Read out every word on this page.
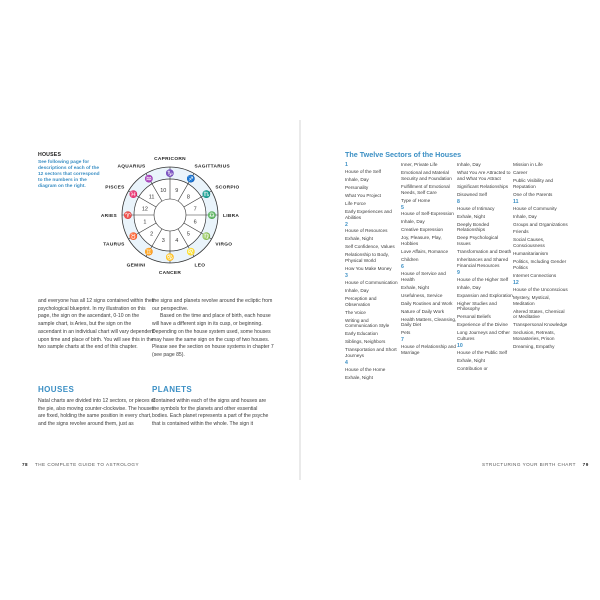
HOUSES
See following page for descriptions of each of the 12 sectors that correspond to the numbers in the diagram on the right.
1
2
3 4
5
6
7
8
9
10
11
12
♑
CAPRICORN
♐
SAGITTARIUS
♏
SCORPIO
♎ LIBRA
♍
VIRGO
♌
LEO
♋
CANCER
♊
GEMINI
♉
TAURUS
♈
ARIES
♓
PISCES
♒
AQUARIUS

and everyone has all 12 signs contained within their psychological blueprint. In my illustration on this page, the sign on the ascendant, 0-10 on the sample chart, is Aries, but the sign on the ascendant in an individual chart will vary dependent upon time and place of birth. You will see this in the two sample charts at the end of this chapter.

HOUSES

Natal charts are divided into 12 sectors, or pieces of the pie, also moving counter-clockwise. The houses are fixed, holding the same position in every chart, and the signs revolve around them, just as

the signs and planets revolve around the ecliptic from our perspective.

Based on the time and place of birth, each house will have a different sign in its cusp, or beginning. Depending on the house system used, some houses may have the same sign on the cusp of two houses. Please see the section on house systems in chapter 7 (see page 85).

PLANETS

Contained within each of the signs and houses are the symbols for the planets and other essential bodies. Each planet represents a part of the psyche that is contained within the whole. The sign it

78 THE COMPLETE GUIDE TO ASTROLOGY
The Twelve Sectors of the Houses
1
House of the Self
Inhale, Day
Personality
What You Project
Life Force
Early Experiences and Abilities
2
House of Resources
Exhale, Night
Self Confidence, Values
Relationship to Body, Physical World
How You Make Money
3
House of Communication
Inhale, Day
Perception and Observation
The Voice
Writing and Communication Style
Early Education
Siblings, Neighbors
Transportation and Short Journeys
4
House of the Home
Exhale, Night
Inner, Private Life
Emotional and Material Security and Foundation
Fulfillment of Emotional Needs, Self Care
Type of Home
5
House of Self-Expression
Inhale, Day
Creative Expression
Joy, Pleasure, Play, Hobbies
Love Affairs, Romance
Children
6
House of Service and Health
Exhale, Night
Usefulness, Service
Daily Routines and Work
Nature of Daily Work
Health Matters, Cleansing, Daily Diet
Pets
7
House of Relationship and Marriage
Inhale, Day
What You Are Attracted to and What You Attract
Significant Relationships
Disowned Self
8
House of Intimacy
Exhale, Night
Deeply Bonded Relationships
Deep Psychological Issues
Transformation and Death
Inheritances and Shared Financial Resources
9
House of the Higher Self
Inhale, Day
Expansion and Exploration
Higher Studies and Philosophy
Personal Beliefs
Experience of the Divine
Long Journeys and Other Cultures
10
House of the Public Self
Exhale, Night
Contribution or
Mission in Life
Career
Public Visibility and Reputation
One of the Parents
11
House of Community
Inhale, Day
Groups and Organizations
Friends
Social Causes, Consciousness
Humanitarianism
Politics, Including Gender Politics
Internet Connections
12
House of the Unconscious
Mystery, Mystical, Meditation
Altered States, Chemical or Meditative
Transpersonal Knowledge
Seclusion, Retreats, Monasteries, Prison
Dreaming, Empathy
STRUCTURING YOUR BIRTH CHART 79
